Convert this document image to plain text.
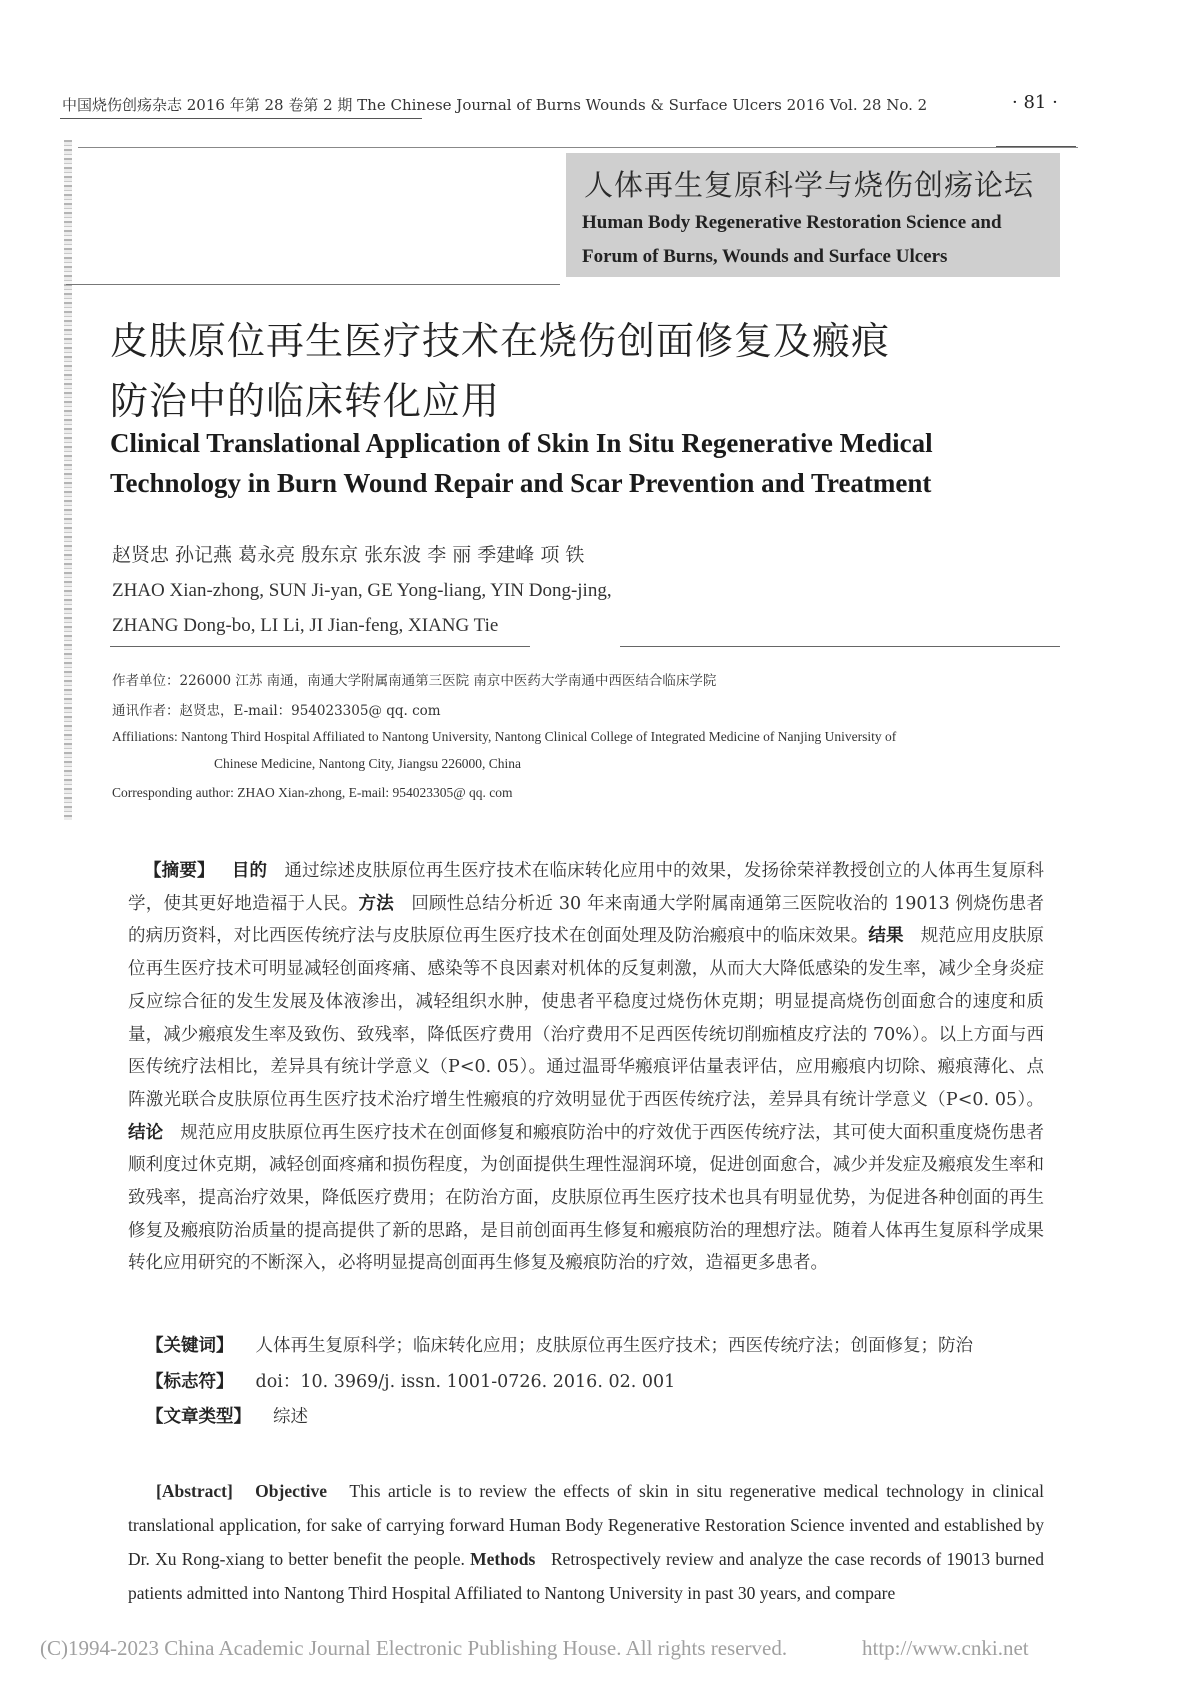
中国烧伤创疡杂志 2016 年第 28 卷第 2 期 The Chinese Journal of Burns Wounds & Surface Ulcers 2016 Vol. 28 No. 2	· 81 ·
人体再生复原科学与烧伤创疡论坛
Human Body Regenerative Restoration Science and
Forum of Burns, Wounds and Surface Ulcers
皮肤原位再生医疗技术在烧伤创面修复及瘢痕
防治中的临床转化应用
Clinical Translational Application of Skin In Situ Regenerative Medical
Technology in Burn Wound Repair and Scar Prevention and Treatment
赵贤忠 孙记燕 葛永亮 殷东京 张东波 李 丽 季建峰 项 铁
ZHAO Xian-zhong, SUN Ji-yan, GE Yong-liang, YIN Dong-jing,
ZHANG Dong-bo, LI Li, JI Jian-feng, XIANG Tie
作者单位：226000 江苏 南通，南通大学附属南通第三医院 南京中医药大学南通中西医结合临床学院
通讯作者：赵贤忠，E-mail：954023305@ qq. com
Affiliations: Nantong Third Hospital Affiliated to Nantong University, Nantong Clinical College of Integrated Medicine of Nanjing University of
Chinese Medicine, Nantong City, Jiangsu 226000, China
Corresponding author: ZHAO Xian-zhong, E-mail: 954023305@ qq. com
【摘要】 目的 通过综述皮肤原位再生医疗技术在临床转化应用中的效果，发扬徐荣祥教授创立的人体再生复原科学，使其更好地造福于人民。方法 回顾性总结分析近 30 年来南通大学附属南通第三医院收治的 19013 例烧伤患者的病历资料，对比西医传统疗法与皮肤原位再生医疗技术在创面处理及防治瘢痕中的临床效果。结果 规范应用皮肤原位再生医疗技术可明显减轻创面疼痛、感染等不良因素对机体的反复刺激，从而大大降低感染的发生率，减少全身炎症反应综合征的发生发展及体液渗出，减轻组织水肿，使患者平稳度过烧伤休克期；明显提高烧伤创面愈合的速度和质量，减少瘢痕发生率及致伤、致残率，降低医疗费用（治疗费用不足西医传统切削痂植皮疗法的 70%）。以上方面与西医传统疗法相比，差异具有统计学意义（P<0. 05）。通过温哥华瘢痕评估量表评估，应用瘢痕内切除、瘢痕薄化、点阵激光联合皮肤原位再生医疗技术治疗增生性瘢痕的疗效明显优于西医传统疗法，差异具有统计学意义（P<0. 05）。结论 规范应用皮肤原位再生医疗技术在创面修复和瘢痕防治中的疗效优于西医传统疗法，其可使大面积重度烧伤患者顺利度过休克期，减轻创面疼痛和损伤程度，为创面提供生理性湿润环境，促进创面愈合，减少并发症及瘢痕发生率和致残率，提高治疗效果，降低医疗费用；在防治方面，皮肤原位再生医疗技术也具有明显优势，为促进各种创面的再生修复及瘢痕防治质量的提高提供了新的思路，是目前创面再生修复和瘢痕防治的理想疗法。随着人体再生复原科学成果转化应用研究的不断深入，必将明显提高创面再生修复及瘢痕防治的疗效，造福更多患者。
【关键词】 人体再生复原科学；临床转化应用；皮肤原位再生医疗技术；西医传统疗法；创面修复；防治
【标志符】 doi：10. 3969/j. issn. 1001-0726. 2016. 02. 001
【文章类型】 综述
[Abstract] Objective This article is to review the effects of skin in situ regenerative medical technology in clinical translational application, for sake of carrying forward Human Body Regenerative Restoration Science invented and established by Dr. Xu Rong-xiang to better benefit the people. Methods Retrospectively review and analyze the case records of 19013 burned patients admitted into Nantong Third Hospital Affiliated to Nantong University in past 30 years, and compare
(C)1994-2023 China Academic Journal Electronic Publishing House. All rights reserved.	http://www.cnki.net
